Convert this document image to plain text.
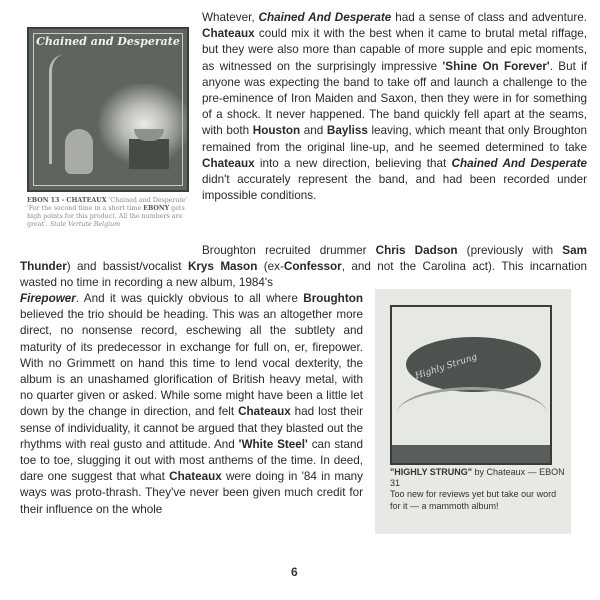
Chained and Desperate
EBON 13 - CHATEAUX 'Chained and Desperate'
'For the second time in a short time EBONY gets high points for this product. All the numbers are great'. Stale Vertute Belgium
Whatever, Chained And Desperate had a sense of class and adventure. Chateaux could mix it with the best when it came to brutal metal riffage, but they were also more than capable of more supple and epic moments, as witnessed on the surprisingly impressive 'Shine On Forever'. But if anyone was expecting the band to take off and launch a challenge to the pre-eminence of Iron Maiden and Saxon, then they were in for something of a shock. It never happened. The band quickly fell apart at the seams, with both Houston and Bayliss leaving, which meant that only Broughton remained from the original line-up, and he seemed determined to take Chateaux into a new direction, believing that Chained And Desperate didn't accurately represent the band, and had been recorded under impossible conditions.
Broughton recruited drummer Chris Dadson (previously with Sam Thunder) and bassist/vocalist Krys Mason (ex-Confessor, and not the Carolina act). This incarnation wasted no time in recording a new album, 1984's
Firepower. And it was quickly obvious to all where Broughton believed the trio should be heading. This was an altogether more direct, no nonsense record, eschewing all the subtlety and maturity of its predecessor in exchange for full on, er, firepower. With no Grimmett on hand this time to lend vocal dexterity, the album is an unashamed glorification of British heavy metal, with no quarter given or asked. While some might have been a little let down by the change in direction, and felt Chateaux had lost their sense of individuality, it cannot be argued that they blasted out the rhythms with real gusto and attitude. And 'White Steel' can stand toe to toe, slugging it out with most anthems of the time. In deed, dare one suggest that what Chateaux were doing in '84 in many ways was proto-thrash. They've never been given much credit for their influence on the whole
Highly Strung
"HIGHLY STRUNG" by Chateaux — EBON 31
Too new for reviews yet but take our word for it — a mammoth album!
6
